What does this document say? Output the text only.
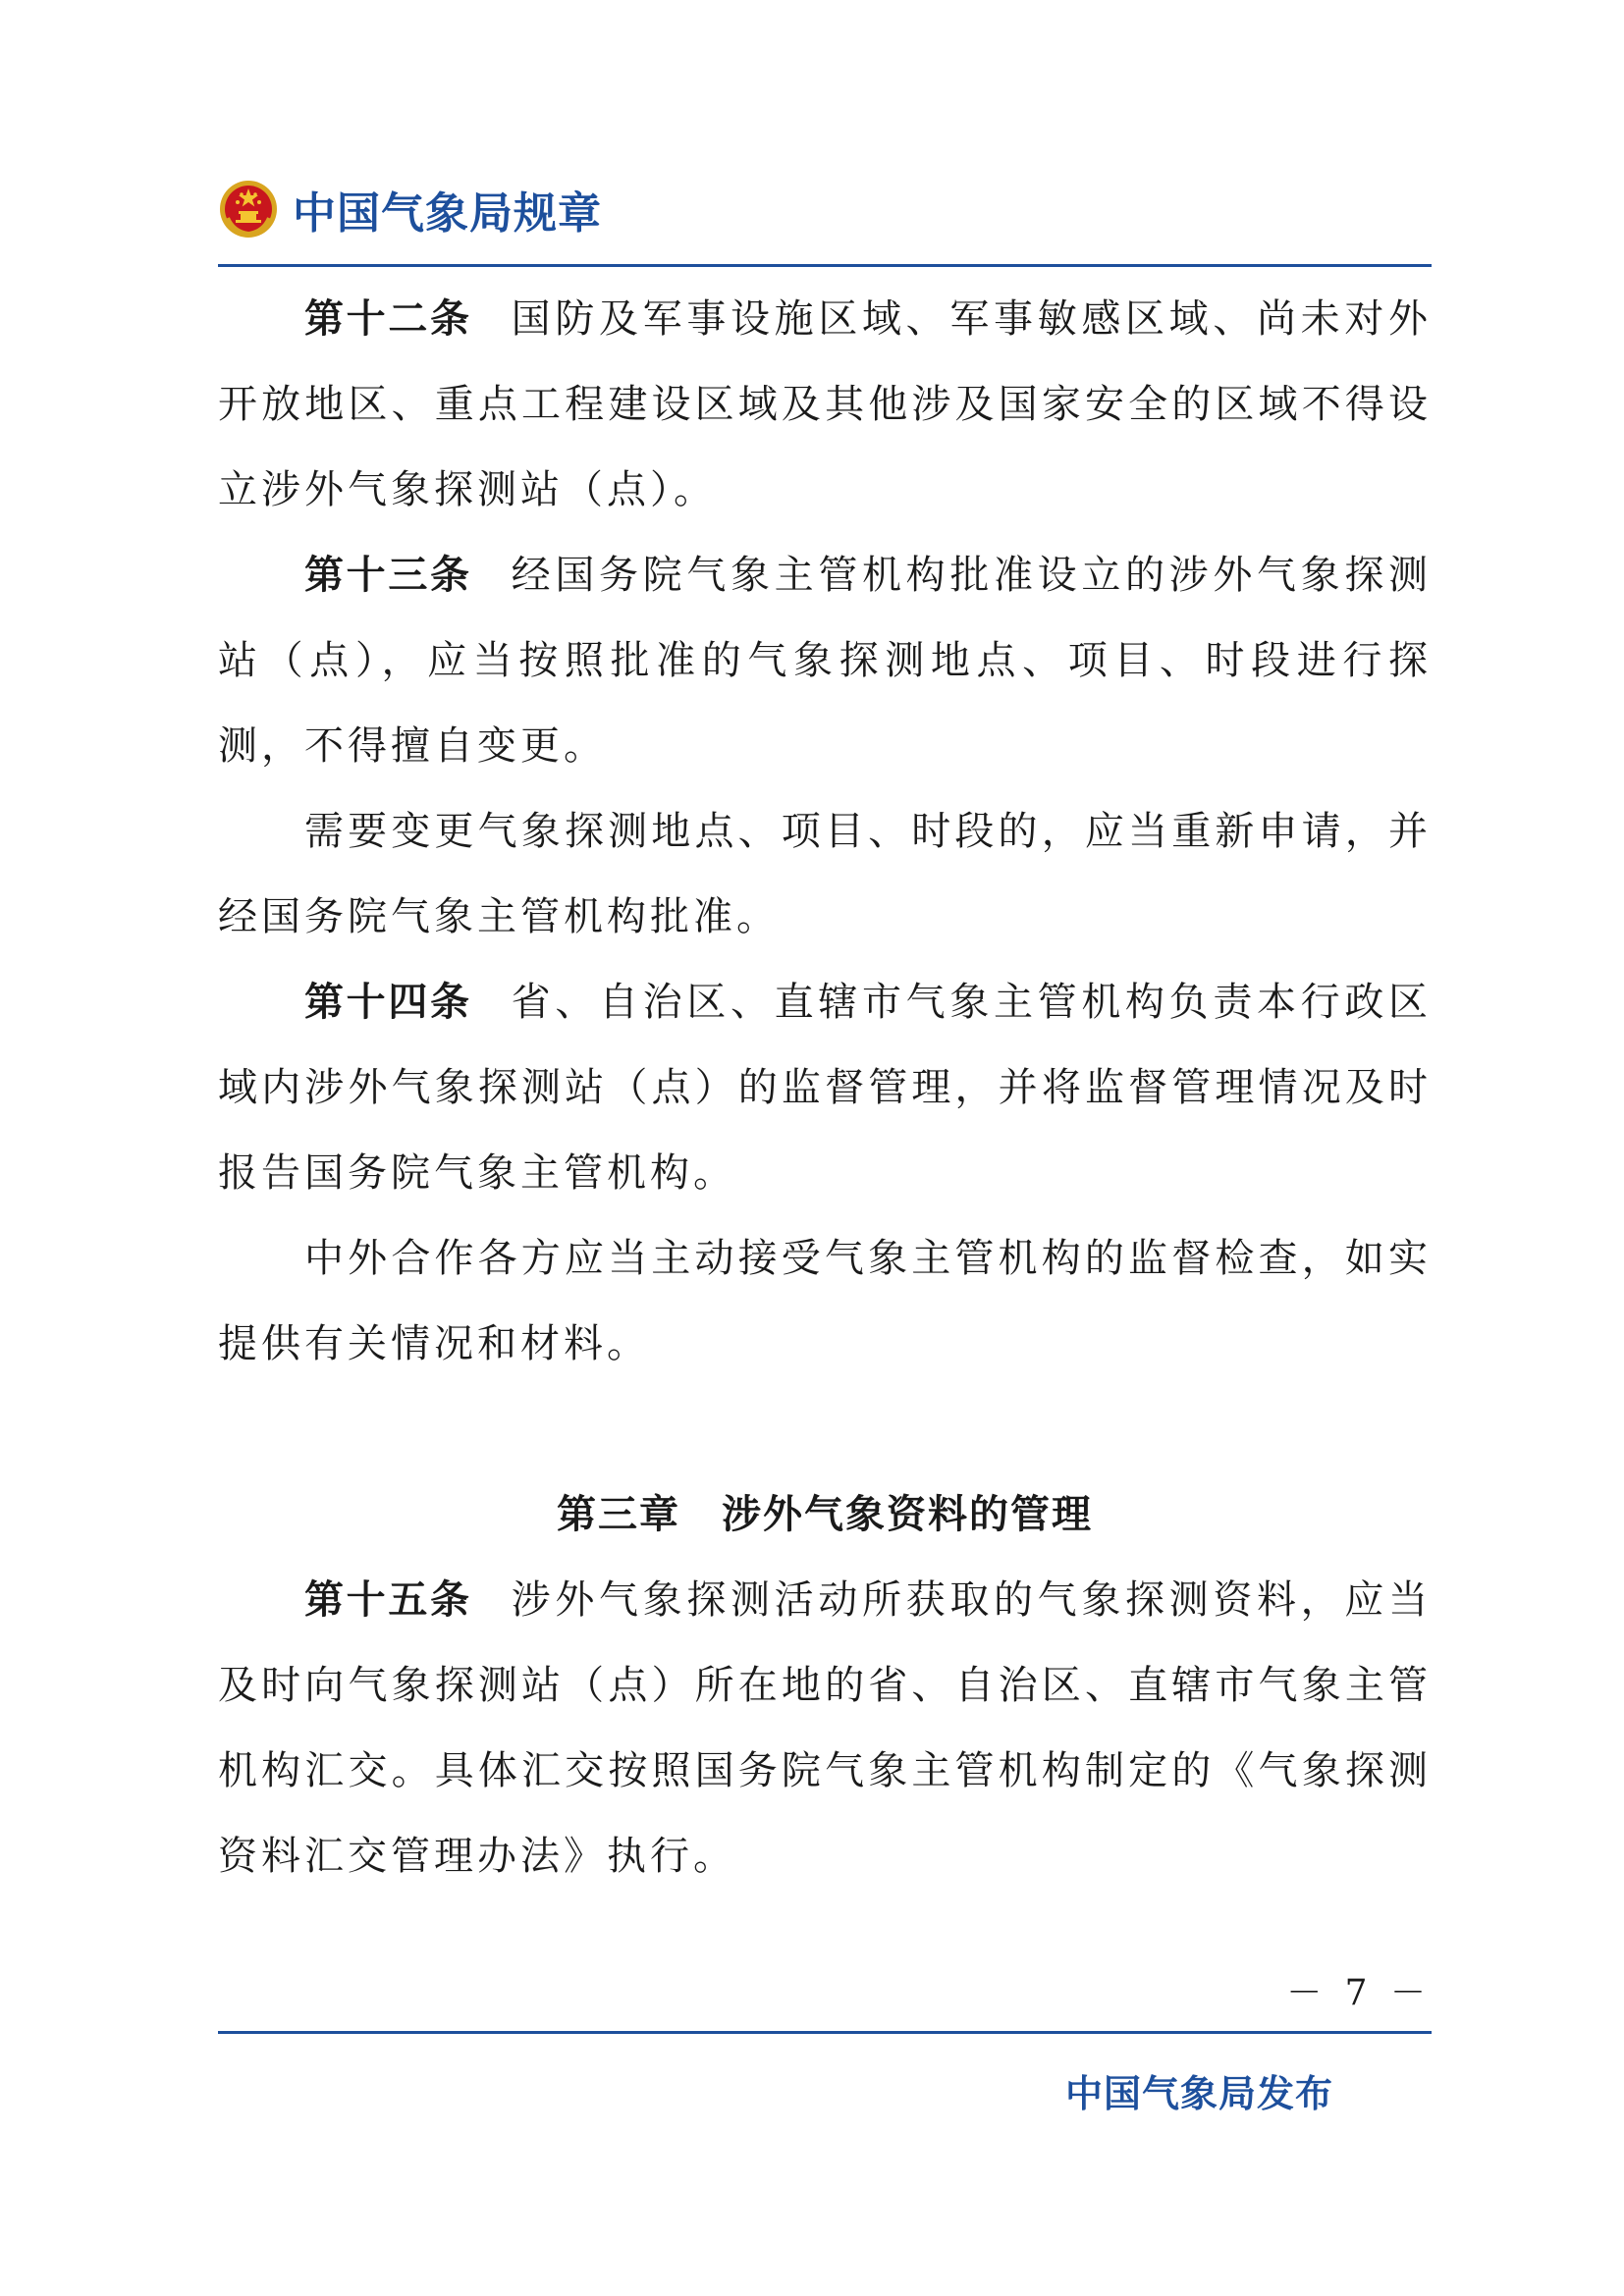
中国气象局规章

第十二条 国防及军事设施区域、军事敏感区域、尚未对外开放地区、重点工程建设区域及其他涉及国家安全的区域不得设立涉外气象探测站（点）。

第十三条 经国务院气象主管机构批准设立的涉外气象探测站（点），应当按照批准的气象探测地点、项目、时段进行探测，不得擅自变更。

需要变更气象探测地点、项目、时段的，应当重新申请，并经国务院气象主管机构批准。

第十四条 省、自治区、直辖市气象主管机构负责本行政区域内涉外气象探测站（点）的监督管理，并将监督管理情况及时报告国务院气象主管机构。

中外合作各方应当主动接受气象主管机构的监督检查，如实提供有关情况和材料。

第三章　涉外气象资料的管理

第十五条 涉外气象探测活动所获取的气象探测资料，应当及时向气象探测站（点）所在地的省、自治区、直辖市气象主管机构汇交。具体汇交按照国务院气象主管机构制定的《气象探测资料汇交管理办法》执行。

－ 7 －
中国气象局发布
